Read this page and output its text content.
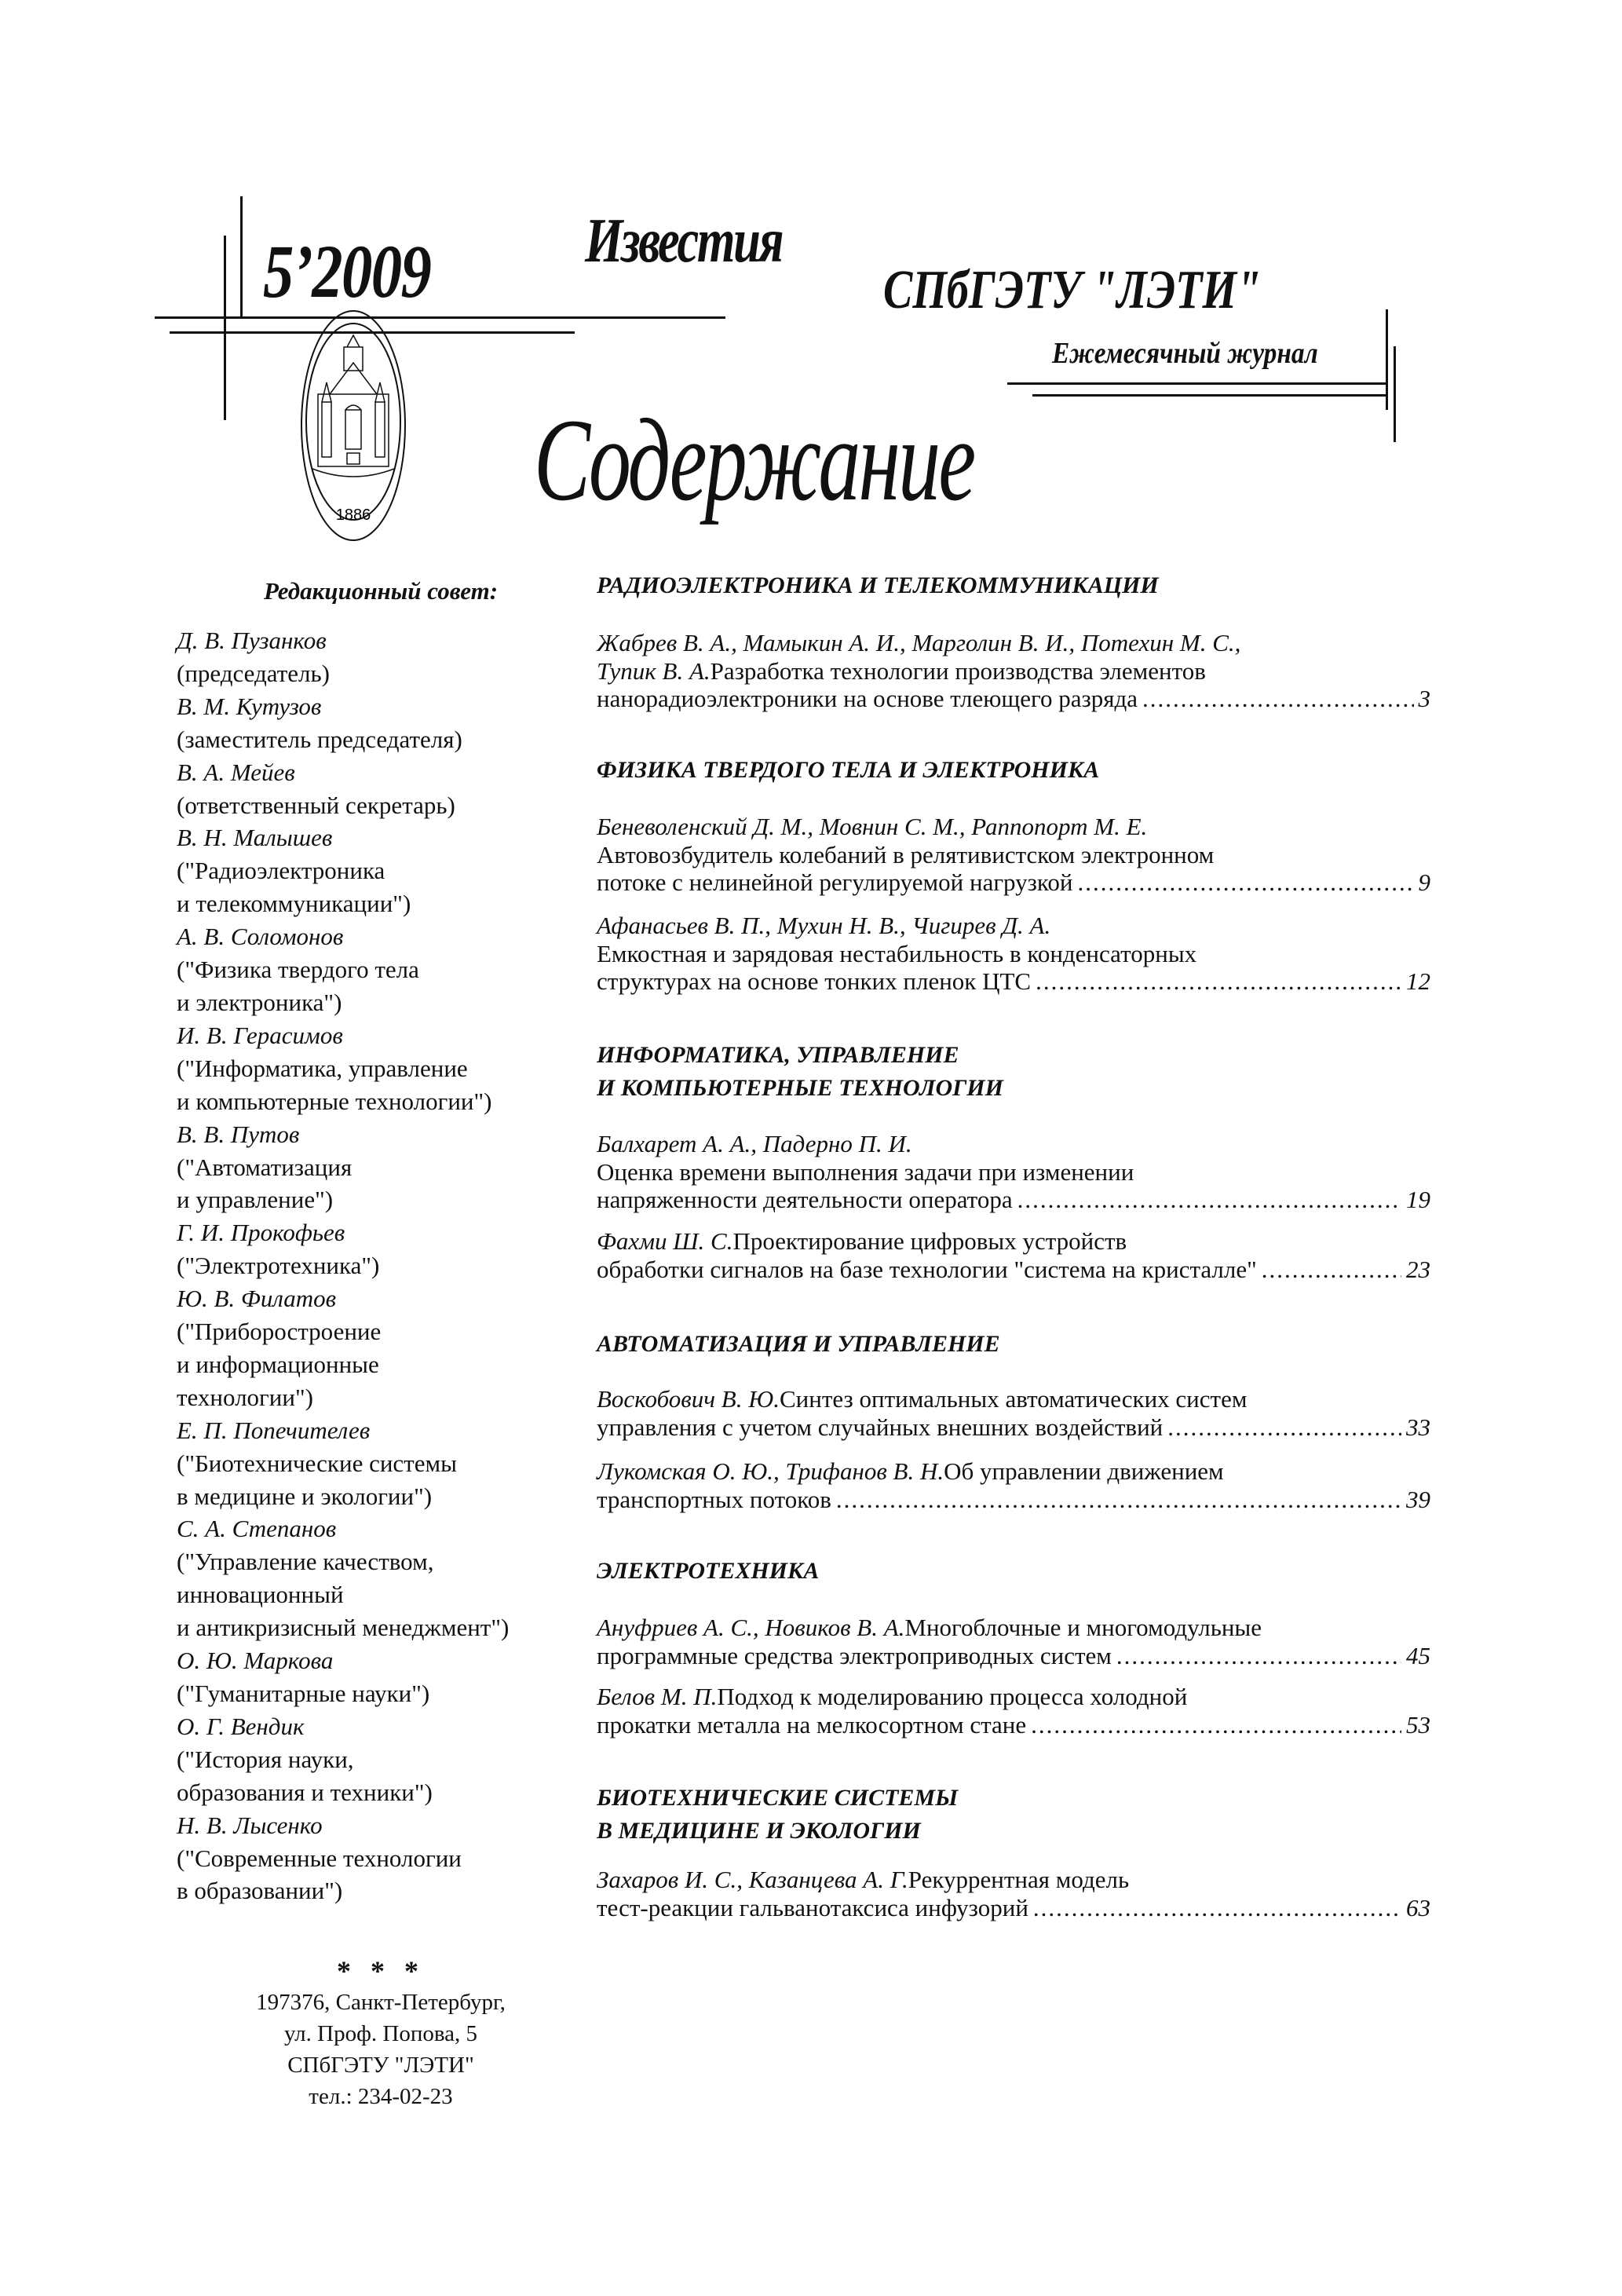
5’2009 Известия
СПбГЭТУ "ЛЭТИ"
Ежемесячный журнал
Содержание
1886
Редакционный совет:
Д. В. Пузанков
(председатель)
В. М. Кутузов
(заместитель председателя)
В. А. Мейев
(ответственный секретарь)
В. Н. Малышев
("Радиоэлектроника
и телекоммуникации")
А. В. Соломонов
("Физика твердого тела
и электроника")
И. В. Герасимов
("Информатика, управление
и компьютерные технологии")
В. В. Путов
("Автоматизация
и управление")
Г. И. Прокофьев
("Электротехника")
Ю. В. Филатов
("Приборостроение
и информационные
технологии")
Е. П. Попечителев
("Биотехнические системы
в медицине и экологии")
С. А. Степанов
("Управление качеством,
инновационный
и антикризисный менеджмент")
О. Ю. Маркова
("Гуманитарные науки")
О. Г. Вендик
("История науки,
образования и техники")
Н. В. Лысенко
("Современные технологии
в образовании")
* * *
197376, Санкт-Петербург,
ул. Проф. Попова, 5
СПбГЭТУ "ЛЭТИ"
тел.: 234-02-23
РАДИОЭЛЕКТРОНИКА И ТЕЛЕКОММУНИКАЦИИ
Жабрев В. А., Мамыкин А. И., Марголин В. И., Потехин М. С.,
Тупик В. А. Разработка технологии производства элементов
нанорадиоэлектроники на основе тлеющего разряда .....	3
ФИЗИКА ТВЕРДОГО ТЕЛА И ЭЛЕКТРОНИКА
Беневоленский Д. М., Мовнин С. М., Раппопорт М. Е.
Автовозбудитель колебаний в релятивистском электронном
потоке с нелинейной регулируемой нагрузкой .....	9
Афанасьев В. П., Мухин Н. В., Чигирев Д. А.
Емкостная и зарядовая нестабильность в конденсаторных
структурах на основе тонких пленок ЦТС .....	12
ИНФОРМАТИКА, УПРАВЛЕНИЕ
И КОМПЬЮТЕРНЫЕ ТЕХНОЛОГИИ
Балхарет А. А., Падерно П. И.
Оценка времени выполнения задачи при изменении
напряженности деятельности оператора .....	19
Фахми Ш. С. Проектирование цифровых устройств
обработки сигналов на базе технологии "система на кристалле" .....	23
АВТОМАТИЗАЦИЯ И УПРАВЛЕНИЕ
Воскобович В. Ю. Синтез оптимальных автоматических систем
управления с учетом случайных внешних воздействий .....	33
Лукомская О. Ю., Трифанов В. Н. Об управлении движением
транспортных потоков .....	39
ЭЛЕКТРОТЕХНИКА
Ануфриев А. С., Новиков В. А. Многоблочные и многомодульные
программные средства электроприводных систем .....	45
Белов М. П. Подход к моделированию процесса холодной
прокатки металла на мелкосортном стане .....	53
БИОТЕХНИЧЕСКИЕ СИСТЕМЫ
В МЕДИЦИНЕ И ЭКОЛОГИИ
Захаров И. С., Казанцева А. Г. Рекуррентная модель
тест-реакции гальванотаксиса инфузорий .....	63
